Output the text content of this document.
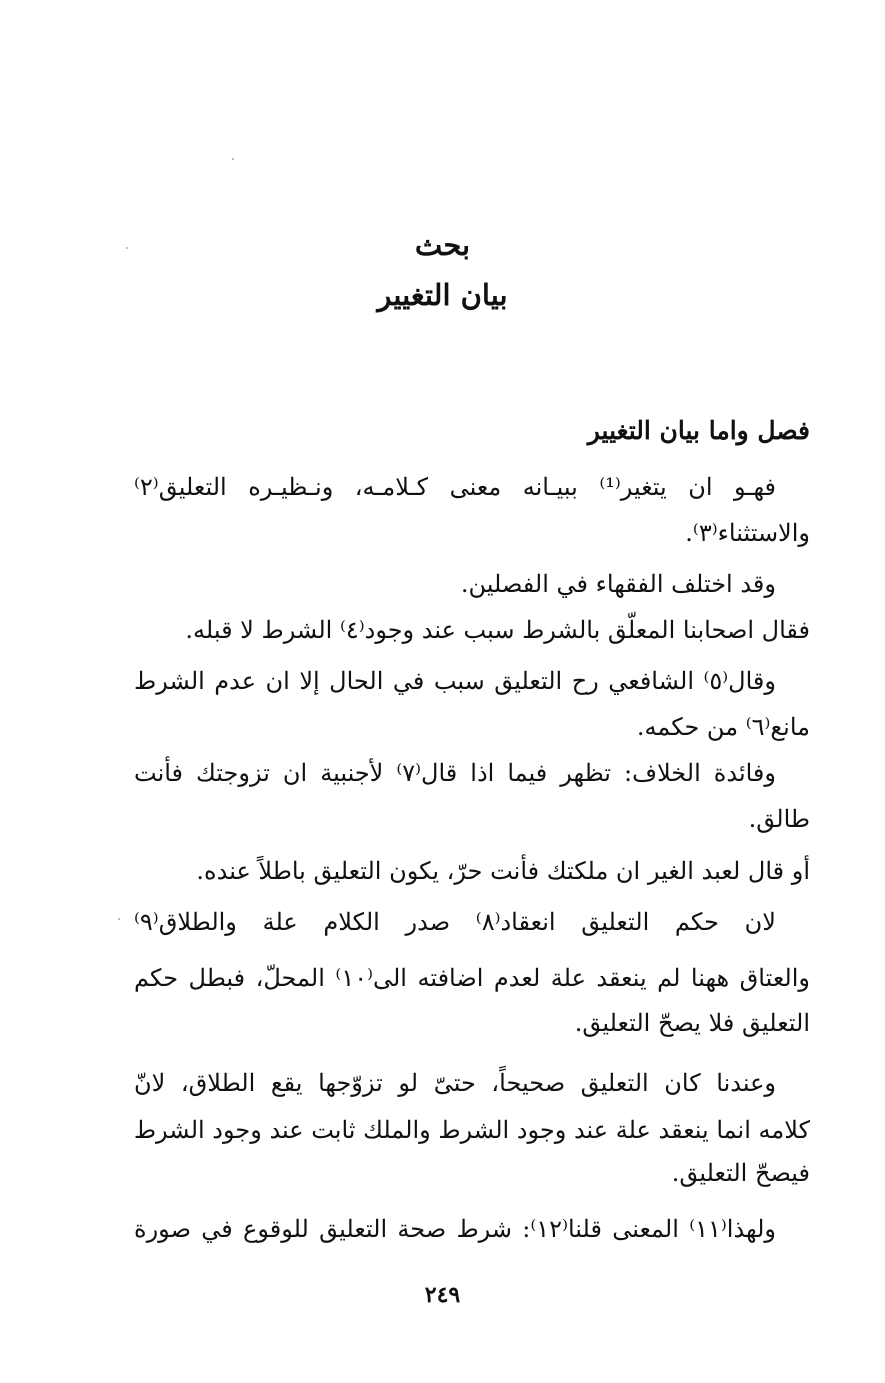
بحث
بيان التغيير
فصل واما بيان التغيير
فهـو ان يتغير⁽¹⁾ ببيـانه معنى كـلامـه، ونـظيـره التعليق⁽٢⁾
والاستثناء⁽٣⁾.
وقد اختلف الفقهاء في الفصلين.
فقال اصحابنا المعلّق بالشرط سبب عند وجود⁽٤⁾ الشرط لا قبله.
وقال⁽٥⁾ الشافعي رح التعليق سبب في الحال إلا ان عدم الشرط
مانع⁽٦⁾ من حكمه.
وفائدة الخلاف: تظهر فيما اذا قال⁽٧⁾ لأجنبية ان تزوجتك فأنت
طالق.
أو قال لعبد الغير ان ملكتك فأنت حرّ، يكون التعليق باطلاً عنده.
لان حكم التعليق انعقاد⁽٨⁾ صدر الكلام علة والطلاق⁽٩⁾
والعتاق ههنا لم ينعقد علة لعدم اضافته الى⁽١٠⁾ المحلّ، فبطل حكم
التعليق فلا يصحّ التعليق.
وعندنا كان التعليق صحيحاً، حتىّ لو تزوّجها يقع الطلاق، لانّ
كلامه انما ينعقد علة عند وجود الشرط والملك ثابت عند وجود الشرط
فيصحّ التعليق.
ولهذا⁽١١⁾ المعنى قلنا⁽١٢⁾: شرط صحة التعليق للوقوع في صورة
٢٤٩
